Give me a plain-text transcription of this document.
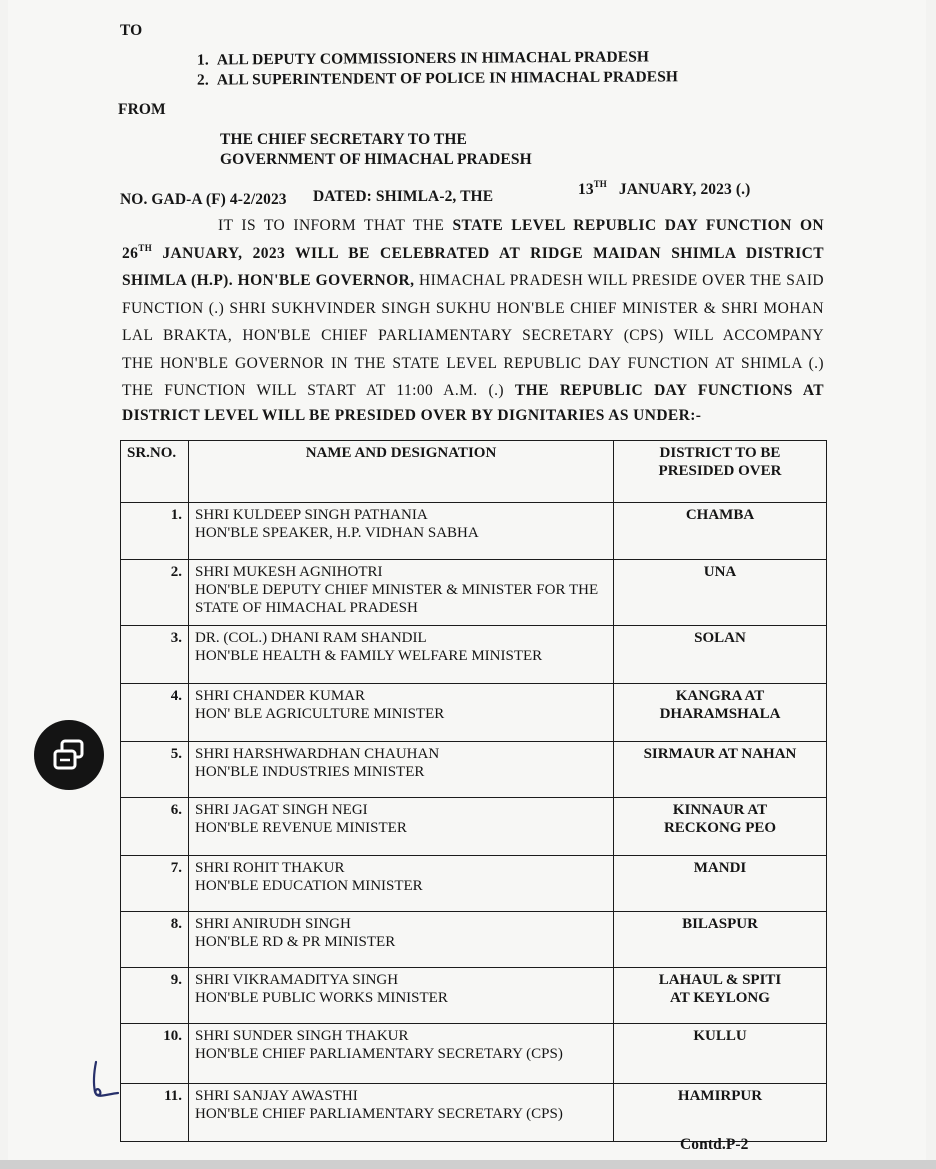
TO
1. ALL DEPUTY COMMISSIONERS IN HIMACHAL PRADESH
2. ALL SUPERINTENDENT OF POLICE IN HIMACHAL PRADESH
FROM
THE CHIEF SECRETARY TO THE
GOVERNMENT OF HIMACHAL PRADESH
NO. GAD-A (F) 4-2/2023 DATED: SHIMLA-2, THE	13TH JANUARY, 2023 (.)
IT IS TO INFORM THAT THE STATE LEVEL REPUBLIC DAY FUNCTION ON
26TH JANUARY, 2023 WILL BE CELEBRATED AT RIDGE MAIDAN SHIMLA DISTRICT
SHIMLA (H.P). HON'BLE GOVERNOR, HIMACHAL PRADESH WILL PRESIDE OVER THE SAID
FUNCTION (.) SHRI SUKHVINDER SINGH SUKHU HON'BLE CHIEF MINISTER & SHRI MOHAN
LAL BRAKTA, HON'BLE CHIEF PARLIAMENTARY SECRETARY (CPS) WILL ACCOMPANY
THE HON'BLE GOVERNOR IN THE STATE LEVEL REPUBLIC DAY FUNCTION AT SHIMLA (.)
THE FUNCTION WILL START AT 11:00 A.M. (.) THE REPUBLIC DAY FUNCTIONS AT
DISTRICT LEVEL WILL BE PRESIDED OVER BY DIGNITARIES AS UNDER:-
SR.NO.	NAME AND DESIGNATION	DISTRICT TO BE PRESIDED OVER
1.	SHRI KULDEEP SINGH PATHANIA
HON'BLE SPEAKER, H.P. VIDHAN SABHA	CHAMBA
2.	SHRI MUKESH AGNIHOTRI
HON'BLE DEPUTY CHIEF MINISTER & MINISTER FOR THE STATE OF HIMACHAL PRADESH	UNA
3.	DR. (COL.) DHANI RAM SHANDIL
HON'BLE HEALTH & FAMILY WELFARE MINISTER	SOLAN
4.	SHRI CHANDER KUMAR
HON' BLE AGRICULTURE MINISTER	KANGRA AT DHARAMSHALA
5.	SHRI HARSHWARDHAN CHAUHAN
HON'BLE INDUSTRIES MINISTER	SIRMAUR AT NAHAN
6.	SHRI JAGAT SINGH NEGI
HON'BLE REVENUE MINISTER	KINNAUR AT RECKONG PEO
7.	SHRI ROHIT THAKUR
HON'BLE EDUCATION MINISTER	MANDI
8.	SHRI ANIRUDH SINGH
HON'BLE RD & PR MINISTER	BILASPUR
9.	SHRI VIKRAMADITYA SINGH
HON'BLE PUBLIC WORKS MINISTER	LAHAUL & SPITI AT KEYLONG
10.	SHRI SUNDER SINGH THAKUR
HON'BLE CHIEF PARLIAMENTARY SECRETARY (CPS)	KULLU
11.	SHRI SANJAY AWASTHI
HON'BLE CHIEF PARLIAMENTARY SECRETARY (CPS)	HAMIRPUR
Contd.P-2
